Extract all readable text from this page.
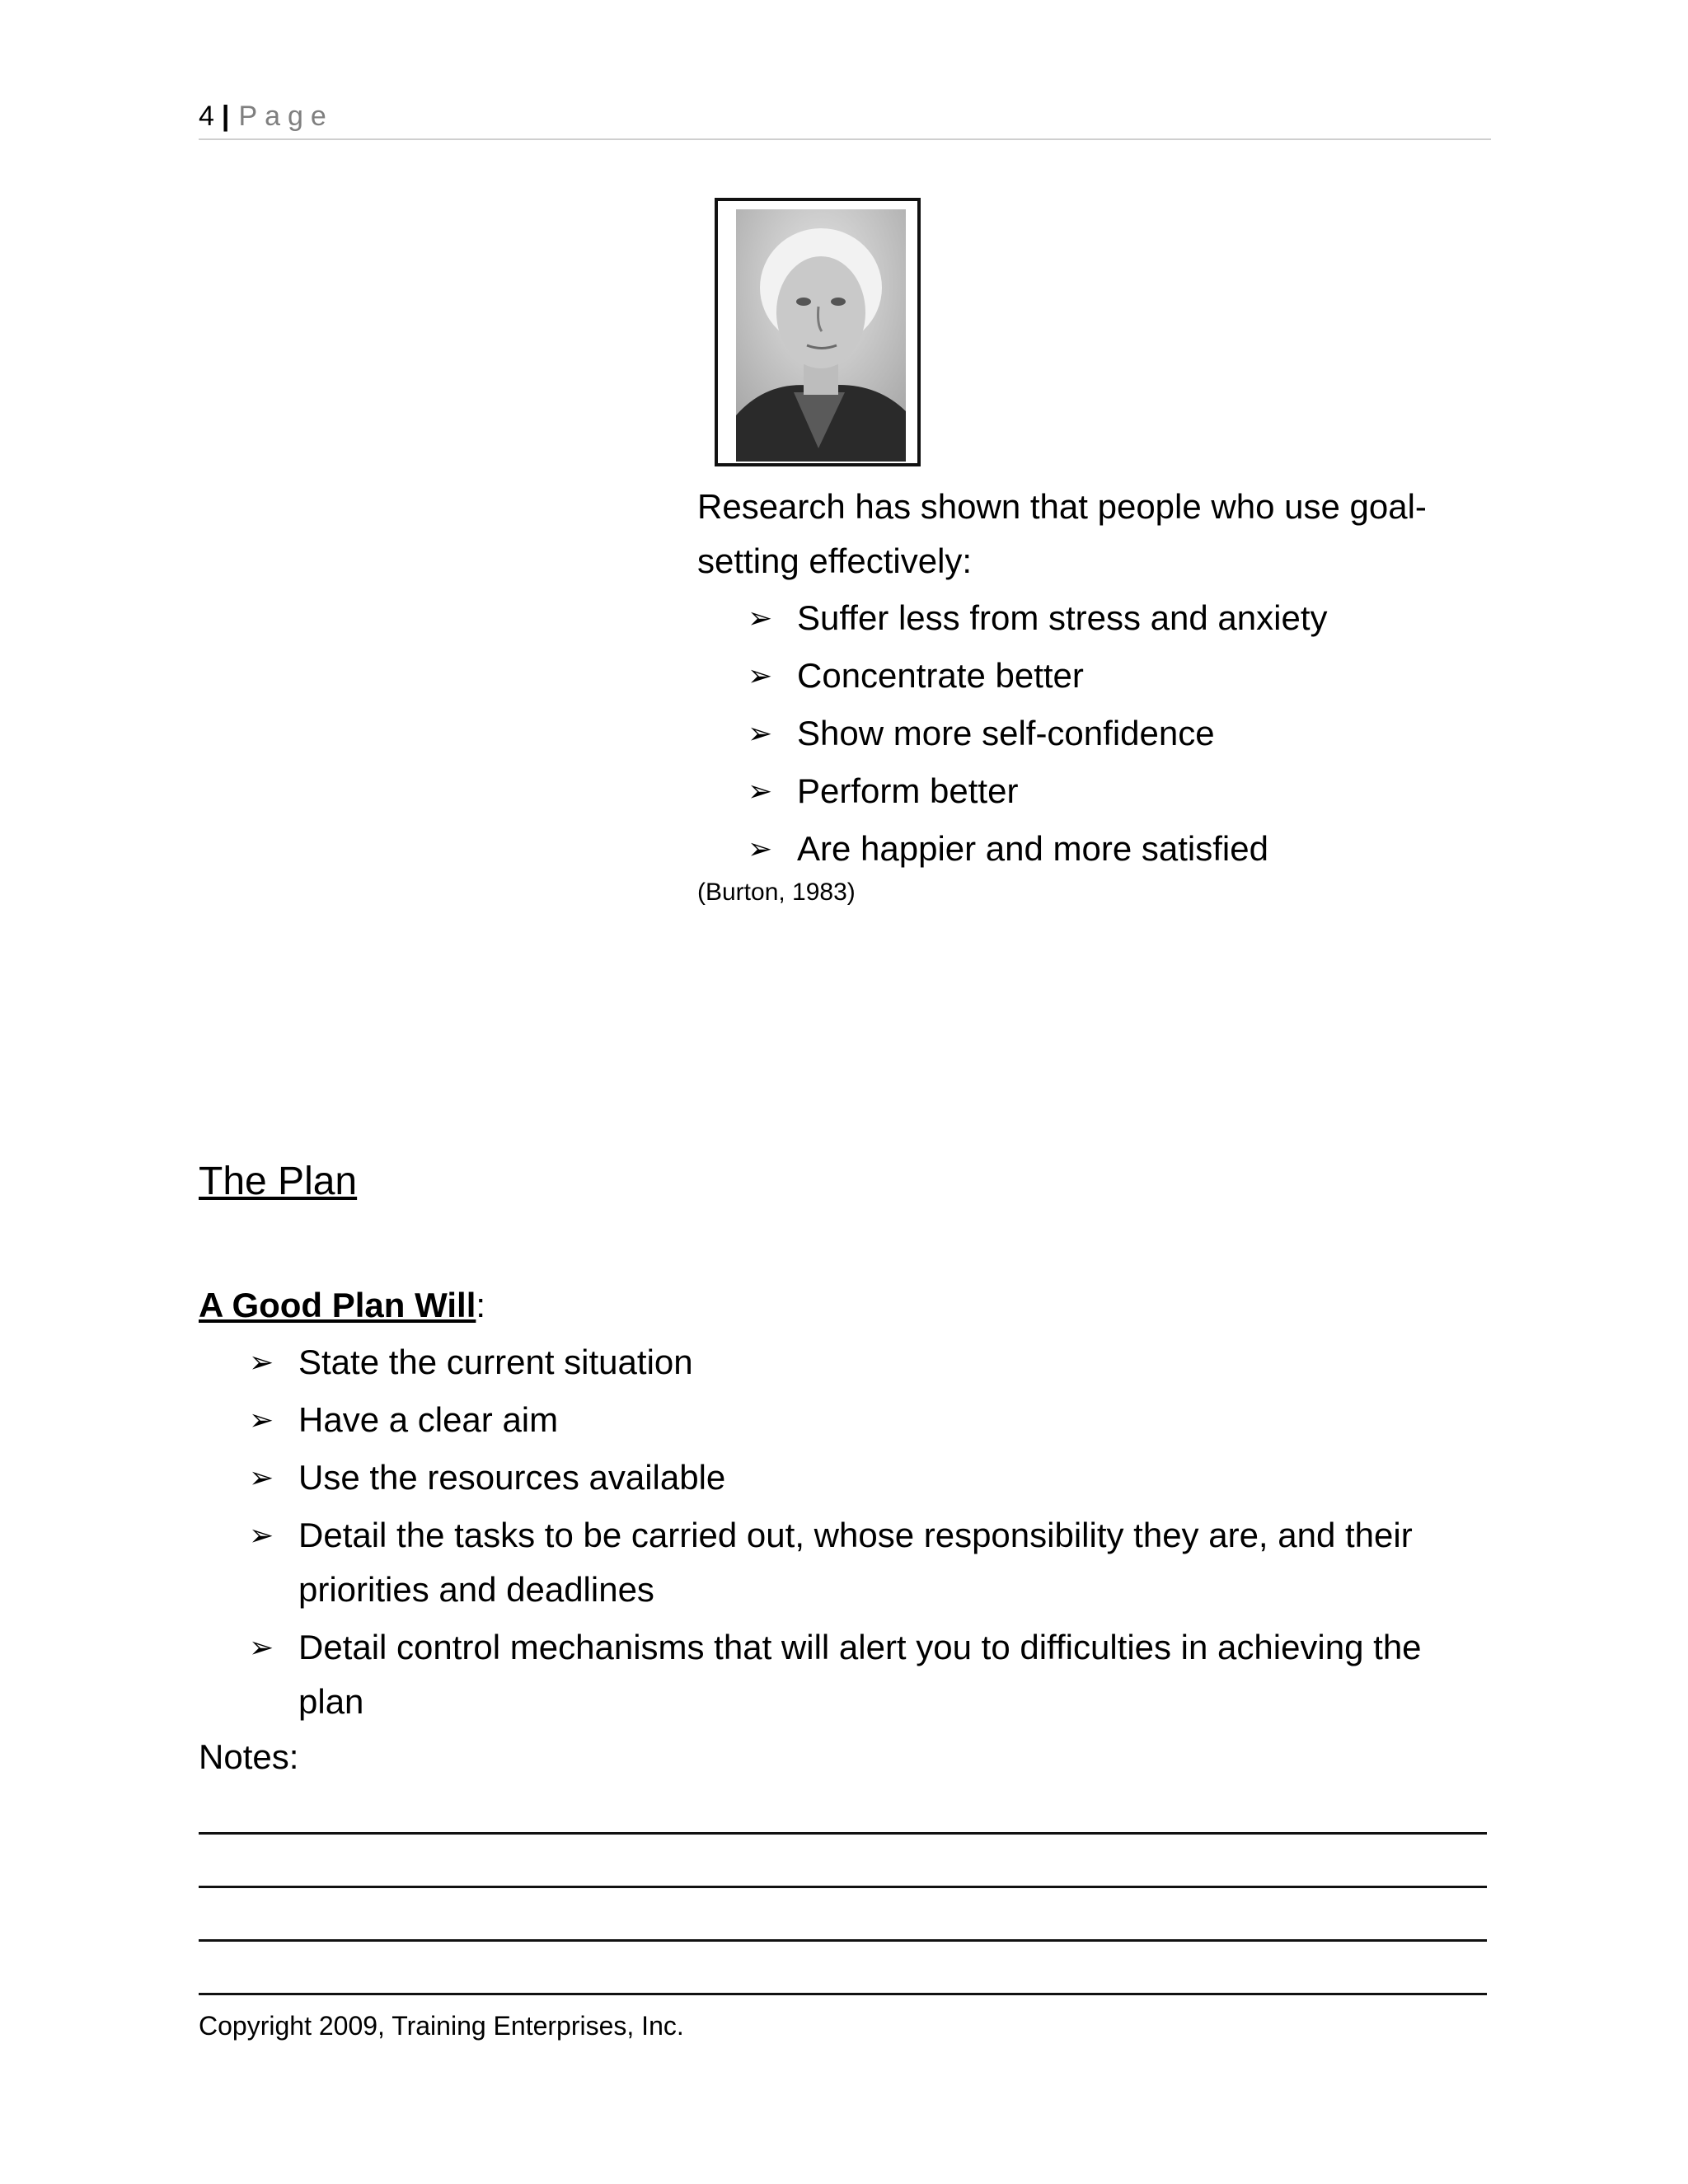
4 | Page
Research has shown that people who use goal-setting effectively:
➢ Suffer less from stress and anxiety
➢ Concentrate better
➢ Show more self-confidence
➢ Perform better
➢ Are happier and more satisfied
(Burton, 1983)
The Plan
A Good Plan Will:
➢ State the current situation
➢ Have a clear aim
➢ Use the resources available
➢ Detail the tasks to be carried out, whose responsibility they are, and their priorities and deadlines
➢ Detail control mechanisms that will alert you to difficulties in achieving the plan
Notes:
Copyright 2009, Training Enterprises, Inc.
